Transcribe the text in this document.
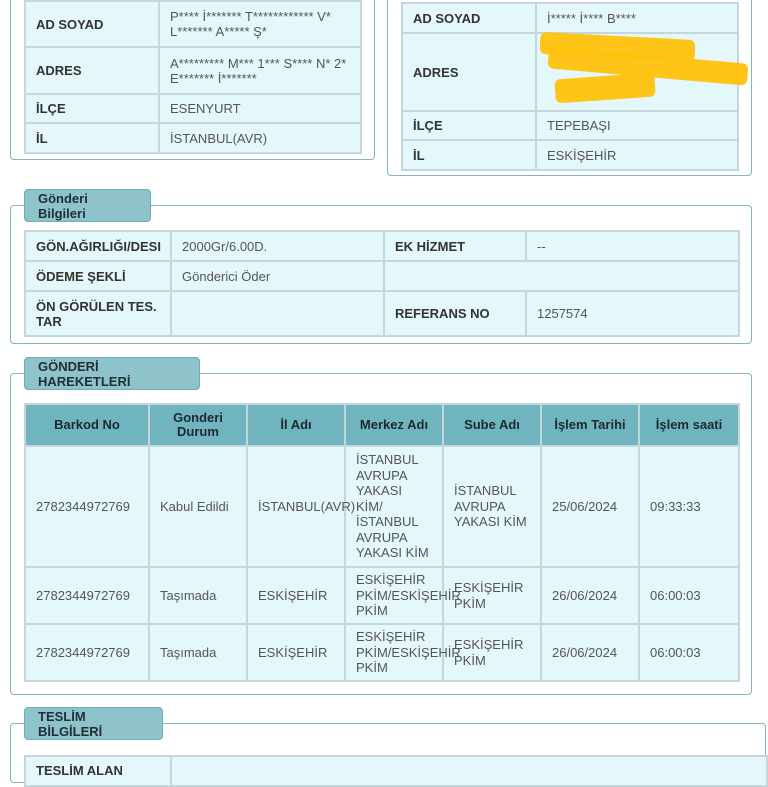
AD SOYAD	P**** İ******* T************ V* L******* A***** Ş*
ADRES	A********* M*** 1*** S**** N* 2* E******* İ*******
İLÇE	ESENYURT
İL	İSTANBUL(AVR)
AD SOYAD	İ***** İ**** B****
ADRES	
İLÇE	TEPEBAŞI
İL	ESKİŞEHİR
Gönderi Bilgileri
GÖN.AĞIRLIĞI/DESI	2000Gr/6.00D.	EK HİZMET	--
ÖDEME ŞEKLİ	Gönderici Öder		
ÖN GÖRÜLEN TES. TAR		REFERANS NO	1257574
GÖNDERİ HAREKETLERİ
Barkod No	Gonderi Durum	İl Adı	Merkez Adı	Sube Adı	İşlem Tarihi	İşlem saati
2782344972769	Kabul Edildi	İSTANBUL(AVR)	İSTANBUL AVRUPA YAKASI KİM/ İSTANBUL AVRUPA YAKASI KİM	İSTANBUL AVRUPA YAKASI KİM	25/06/2024	09:33:33
2782344972769	Taşımada	ESKİŞEHİR	ESKİŞEHİR PKİM/ESKİŞEHİR PKİM	ESKİŞEHİR PKİM	26/06/2024	06:00:03
2782344972769	Taşımada	ESKİŞEHİR	ESKİŞEHİR PKİM/ESKİŞEHİR PKİM	ESKİŞEHİR PKİM	26/06/2024	06:00:03
TESLİM BİLGİLERİ
TESLİM ALAN	
